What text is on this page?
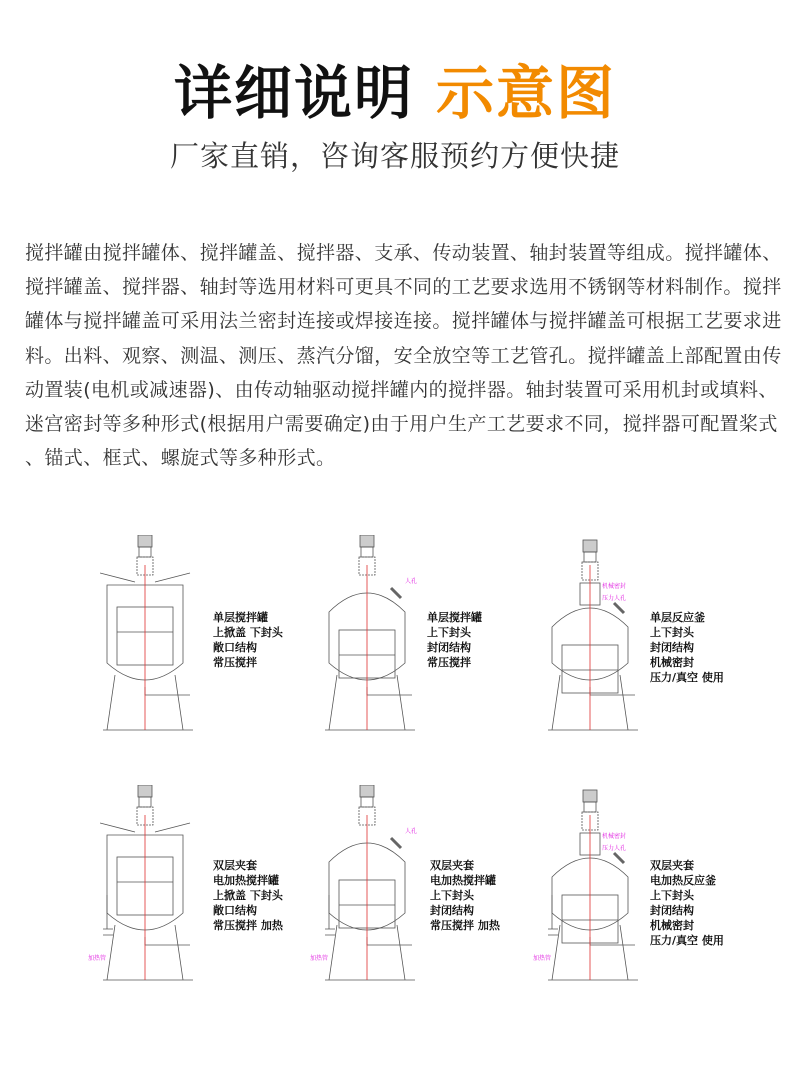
详细说明 示意图
厂家直销，咨询客服预约方便快捷
搅拌罐由搅拌罐体、搅拌罐盖、搅拌器、支承、传动装置、轴封装置等组成。搅拌罐体、
搅拌罐盖、搅拌器、轴封等选用材料可更具不同的工艺要求选用不锈钢等材料制作。搅拌
罐体与搅拌罐盖可采用法兰密封连接或焊接连接。搅拌罐体与搅拌罐盖可根据工艺要求进
料。出料、观察、测温、测压、蒸汽分馏，安全放空等工艺管孔。搅拌罐盖上部配置由传
动置装(电机或减速器)、由传动轴驱动搅拌罐内的搅拌器。轴封装置可采用机封或填料、
迷宫密封等多种形式(根据用户需要确定)由于用户生产工艺要求不同，搅拌器可配置桨式
、锚式、框式、螺旋式等多种形式。
单层搅拌罐
上掀盖 下封头
敞口结构
常压搅拌
人孔
单层搅拌罐
上下封头
封闭结构
常压搅拌
机械密封
压力人孔
单层反应釜
上下封头
封闭结构
机械密封
压力/真空 使用
加热管
双层夹套
电加热搅拌罐
上掀盖 下封头
敞口结构
常压搅拌 加热
人孔
加热管
双层夹套
电加热搅拌罐
上下封头
封闭结构
常压搅拌 加热
机械密封
压力人孔
加热管
双层夹套
电加热反应釜
上下封头
封闭结构
机械密封
压力/真空 使用
